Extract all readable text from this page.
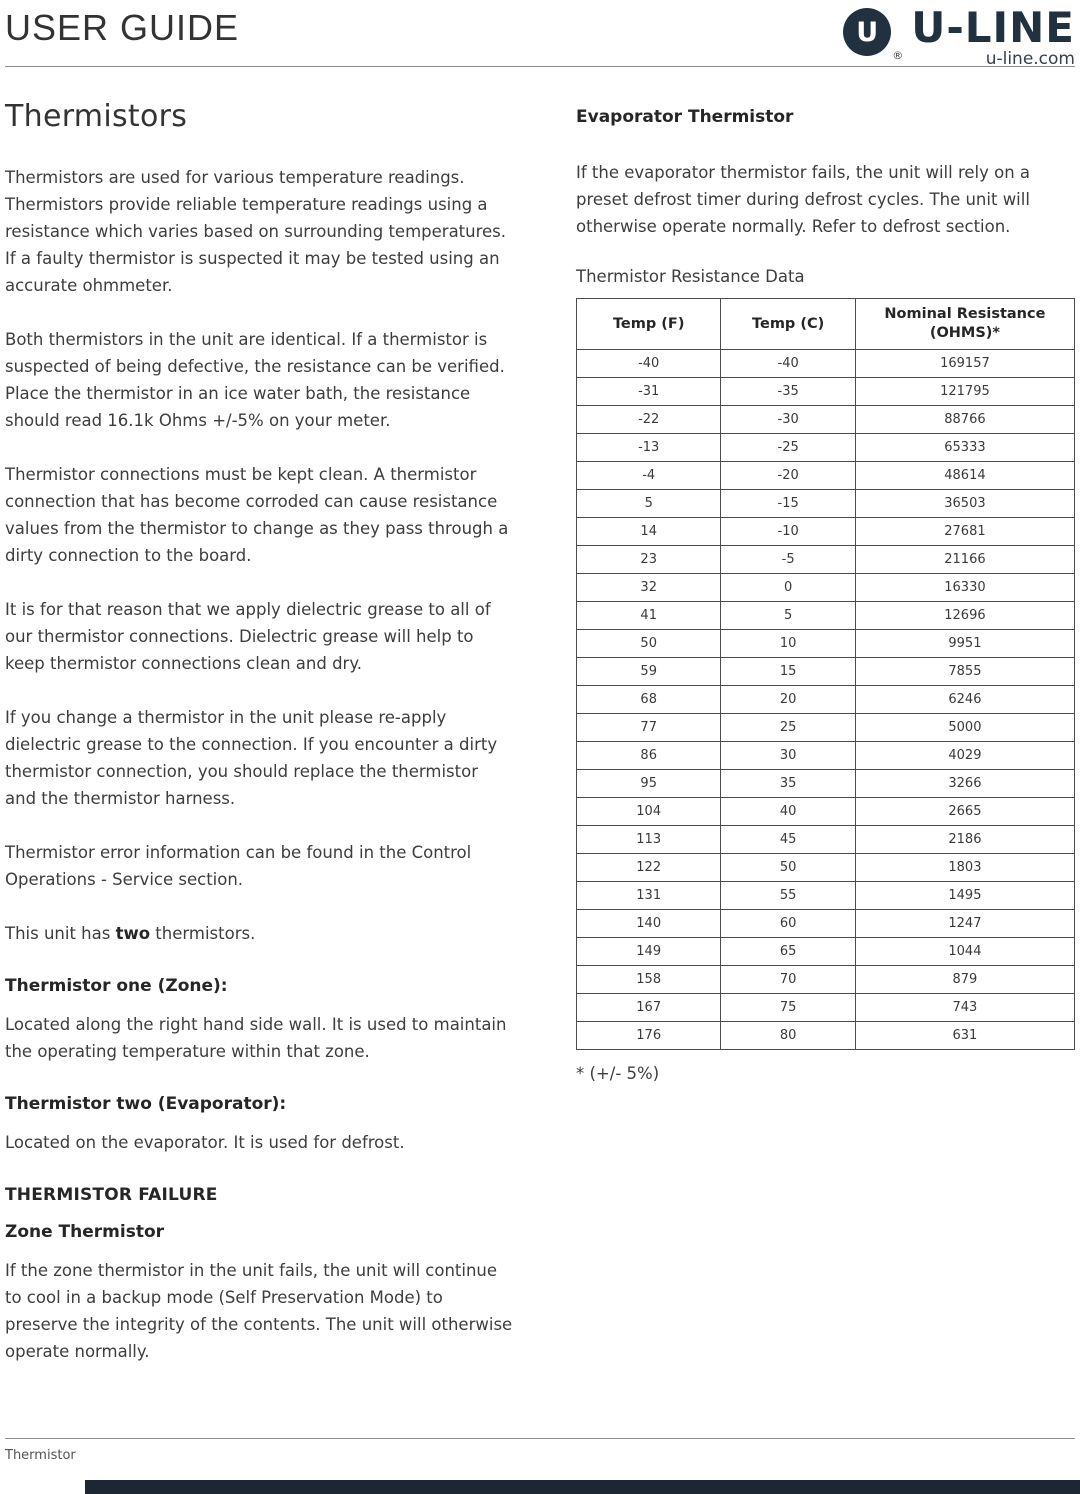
USER GUIDE	U
®
U-LINE
u-line.com
Thermistors

Thermistors are used for various temperature readings. Thermistors provide reliable temperature readings using a resistance which varies based on surrounding temperatures. If a faulty thermistor is suspected it may be tested using an accurate ohmmeter.

Both thermistors in the unit are identical. If a thermistor is suspected of being defective, the resistance can be verified. Place the thermistor in an ice water bath, the resistance should read 16.1k Ohms +/-5% on your meter.

Thermistor connections must be kept clean. A thermistor connection that has become corroded can cause resistance values from the thermistor to change as they pass through a dirty connection to the board.

It is for that reason that we apply dielectric grease to all of our thermistor connections. Dielectric grease will help to keep thermistor connections clean and dry.

If you change a thermistor in the unit please re-apply dielectric grease to the connection. If you encounter a dirty thermistor connection, you should replace the thermistor and the thermistor harness.

Thermistor error information can be found in the Control Operations - Service section.

This unit has two thermistors.

Thermistor one (Zone):

Located along the right hand side wall. It is used to maintain the operating temperature within that zone.

Thermistor two (Evaporator):

Located on the evaporator. It is used for defrost.

THERMISTOR FAILURE
Zone Thermistor

If the zone thermistor in the unit fails, the unit will continue to cool in a backup mode (Self Preservation Mode) to preserve the integrity of the contents. The unit will otherwise operate normally.

Evaporator Thermistor

If the evaporator thermistor fails, the unit will rely on a preset defrost timer during defrost cycles. The unit will otherwise operate normally. Refer to defrost section.

Thermistor Resistance Data
Temp (F)	Temp (C)	Nominal Resistance (OHMS)*
-40	-40	169157
-31	-35	121795
-22	-30	88766
-13	-25	65333
-4	-20	48614
5	-15	36503
14	-10	27681
23	-5	21166
32	0	16330
41	5	12696
50	10	9951
59	15	7855
68	20	6246
77	25	5000
86	30	4029
95	35	3266
104	40	2665
113	45	2186
122	50	1803
131	55	1495
140	60	1247
149	65	1044
158	70	879
167	75	743
176	80	631
* (+/- 5%)
Thermistor
